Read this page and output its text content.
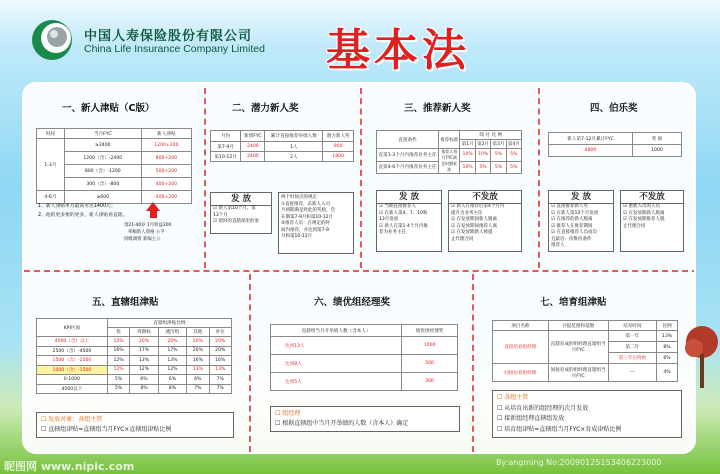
中国人寿保险股份有限公司
China Life Insurance Company Limited 基本法
一、新人津贴（C版）
时间	当月FYC	新人津贴
1-3月	≥2400	1200+200
	1200（含）-2400	800+200
	800（含）-1200	500+200
	300（含）-800	400+200
4-6月	≥600	400+200
1、新人津贴单月最高可达1400元；
2、他的更多要的更多，新人津贴看直辖。
余21-40岁 1月收益200
率额新人资格 公平
同级调资 新编主公
二、潜力新人奖
月份	新增FYC	累计直接推荐举绩人数	潜力新人奖
第7-9月	2400	1人	900
第10-12月	2400	2人	1800
发 放
☑ 新人第10个月、第
13个月
☑ 留时的直辖部里的参
两个时间点的规定：
①直接推荐，乐新人入司
月初期满足时此的奖励，会
在期第7-9月和第10-12月
②推荐人员：在规定的时
间内推荐，并达到第7-9
月和第10-12月
三、推荐新人奖
直接条件	推荐标准	绩 付 比 例			
		第1月	第2月	第3月	第4月
直第1-3个月内推荐业务主任	推荐人每月FYC满足时额标准	10%	10%	5%	5%
直第4-6个月内推荐业务主任		10%	5%	5%	5%
发 放
☑ 当期直接推荐人
☑ 在新人第4、7、10和
13月发放
☑ 新人在第1-4个月内推
荐为业务主任
不发放
☑ 新人在推荐后第4个月内
提升为业务主任
☑ 在发放期间新人脱离
☑ 在发放期间推荐人离
☑ 在发放期新人被提
止代理合同
四、伯乐奖
新人第7-12月累计FYC	奖 励
4800	1000
发 放
☑ 直接推荐新人奖
☑ 在新人第13个月发放
☑ 在推荐的新人脱离
☑ 推荐人在推荐期间
☑ 在直接推荐人员成员
且最近一次维持条件
推荐人
不发放
☑ 重新入司的人员
☑ 在发放期新人脱离
☑ 在发放期推荐人脱
止代理合同
五、直辖组津贴
KPI区间	直辖组津贴比例				
	优	周期标	透泻组	其他	补位
4500（含）以上	15%	20%	20%	20%	20%
2500（含）-4500	16%	17%	17%	20%	20%
1500（含）-2500	12%	13%	13%	16%	16%
1000（含）-1500	12%	12%	12%	13%	13%
0-1000	5%	6%	6%	6%	7%
4500以下	5%	8%	8%	7%	7%
☐ 发放对象：各组主管
☐ 直辖组津贴=直辖组当月FYC×直辖组津贴比例
六、绩优组经理奖
直辖组当月开举绩人数（含本人）	绩优组经理奖
达到13人	1000
达到8人	500
达到5人	300
☐ 组经理
☐ 根据直辖组中当月开举绩的人数（含本人）确定
七、培育组津贴
项目名称	计提范围和基数	培育时间	比例
直接培育组经理	直辖育成的组经理直辖组当月FYC	第一年	13%
		第二年	8%
		第三年后终始	6%
间接培育组经理	间接育成的组经理直辖组当月FYC	—	4%
☐ 各组主管
☐ 从培育出新的组经理的次月发放
☐ 接新组经理直辖组发放
☐ 培育组津贴=直辖组当月FYC×育成津贴比例
昵图网 www.nipic.com	By:angming No:20090125153406223000
